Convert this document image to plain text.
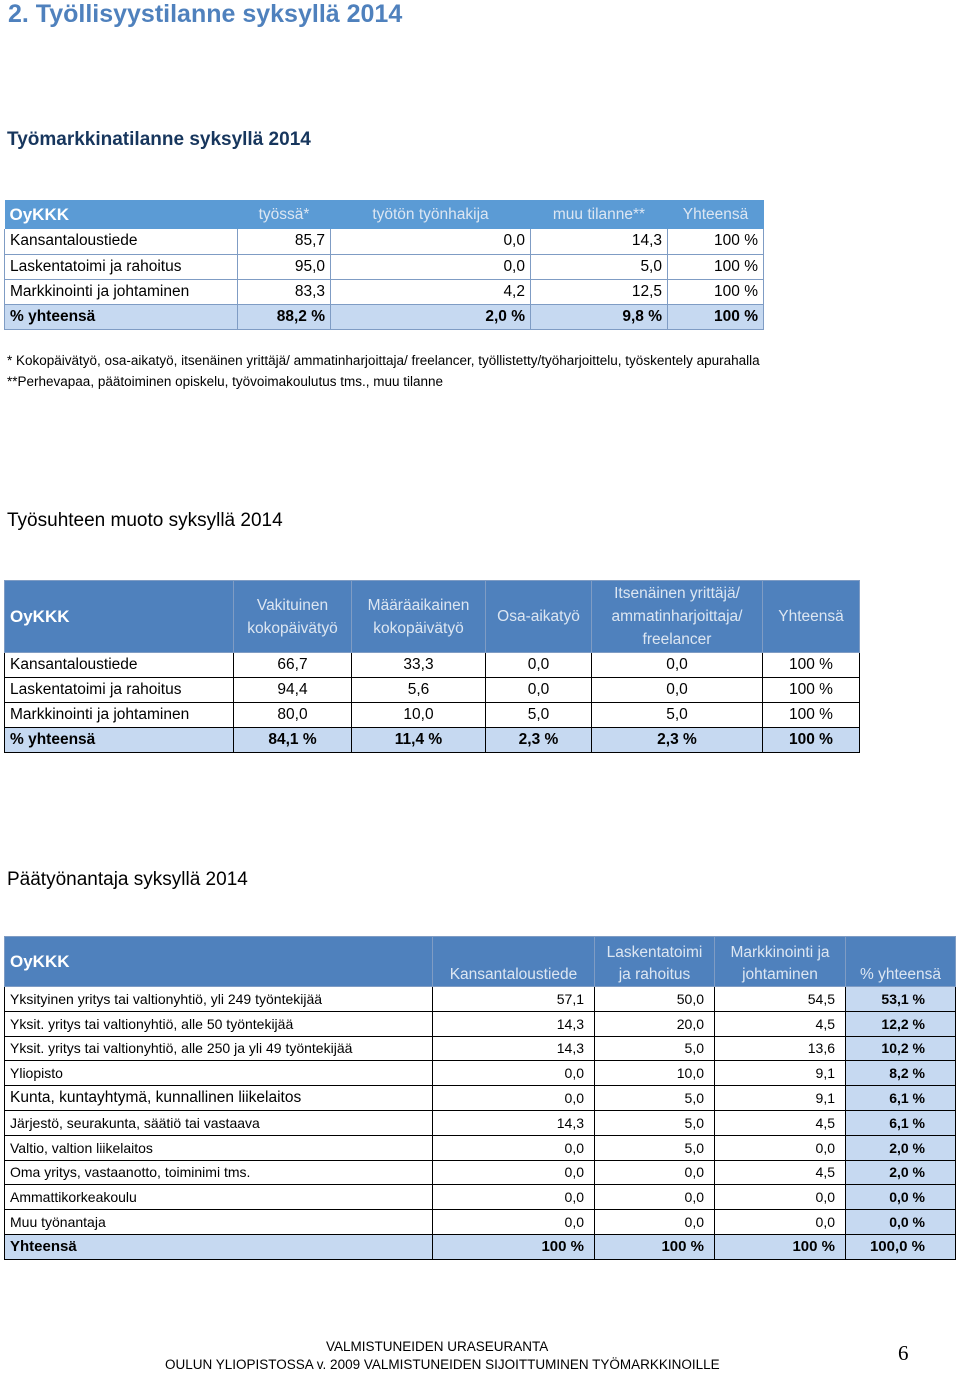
2. Työllisyystilanne syksyllä 2014
Työmarkkinatilanne syksyllä 2014
OyKKK	työssä*	työtön työnhakija	muu tilanne**	Yhteensä
Kansantaloustiede	85,7	0,0	14,3	100 %
Laskentatoimi ja rahoitus	95,0	0,0	5,0	100 %
Markkinointi ja johtaminen	83,3	4,2	12,5	100 %
% yhteensä	88,2 %	2,0 %	9,8 %	100 %

* Kokopäivätyö, osa-aikatyö, itsenäinen yrittäjä/ ammatinharjoittaja/ freelancer, työllistetty/työharjoittelu, työskentely apurahalla

**Perhevapaa, päätoiminen opiskelu, työvoimakoulutus tms., muu tilanne

Työsuhteen muoto syksyllä 2014
OyKKK	Vakituinen kokopäivätyö	Määräaikainen kokopäivätyö	Osa-aikatyö	Itsenäinen yrittäjä/ ammatinharjoittaja/ freelancer	Yhteensä
Kansantaloustiede	66,7	33,3	0,0	0,0	100 %
Laskentatoimi ja rahoitus	94,4	5,6	0,0	0,0	100 %
Markkinointi ja johtaminen	80,0	10,0	5,0	5,0	100 %
% yhteensä	84,1 %	11,4 %	2,3 %	2,3 %	100 %
Päätyönantaja syksyllä 2014
OyKKK	Kansantaloustiede	Laskentatoimi ja rahoitus	Markkinointi ja johtaminen	% yhteensä
Yksityinen yritys tai valtionyhtiö, yli 249 työntekijää	57,1	50,0	54,5	53,1 %
Yksit. yritys tai valtionyhtiö, alle 50 työntekijää	14,3	20,0	4,5	12,2 %
Yksit. yritys tai valtionyhtiö, alle 250 ja yli 49 työntekijää	14,3	5,0	13,6	10,2 %
Yliopisto	0,0	10,0	9,1	8,2 %
Kunta, kuntayhtymä, kunnallinen liikelaitos	0,0	5,0	9,1	6,1 %
Järjestö, seurakunta, säätiö tai vastaava	14,3	5,0	4,5	6,1 %
Valtio, valtion liikelaitos	0,0	5,0	0,0	2,0 %
Oma yritys, vastaanotto, toiminimi tms.	0,0	0,0	4,5	2,0 %
Ammattikorkeakoulu	0,0	0,0	0,0	0,0 %
Muu työnantaja	0,0	0,0	0,0	0,0 %
Yhteensä	100 %	100 %	100 %	100,0 %

VALMISTUNEIDEN URASEURANTA

OULUN YLIOPISTOSSA v. 2009 VALMISTUNEIDEN SIJOITTUMINEN TYÖMARKKINOILLE	6
